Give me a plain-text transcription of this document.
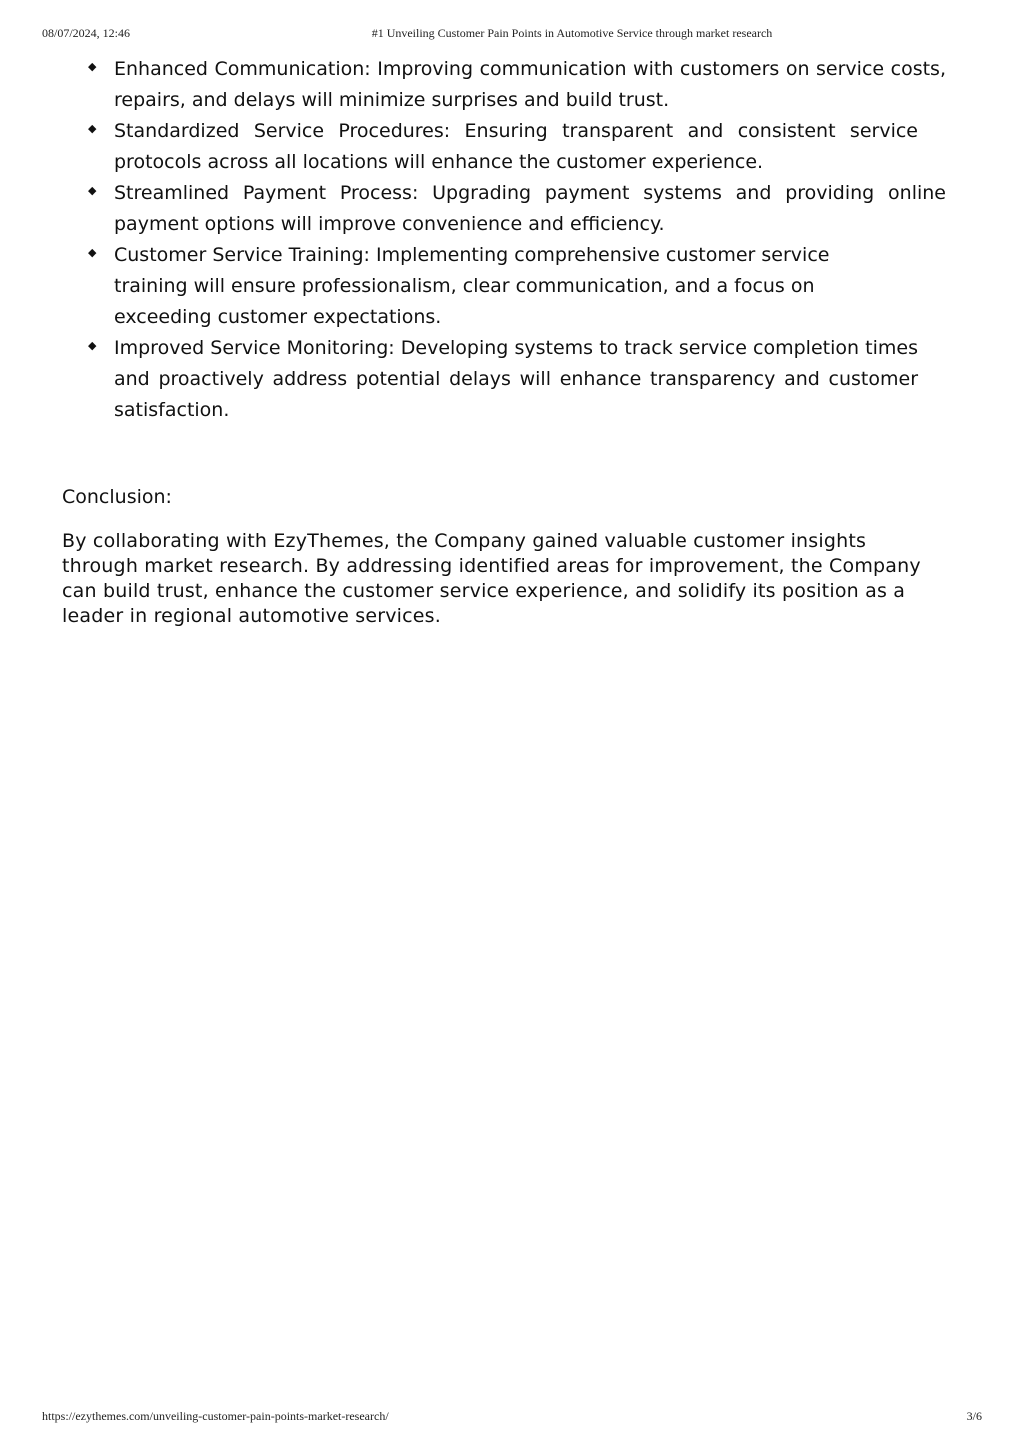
08/07/2024, 12:46	#1 Unveiling Customer Pain Points in Automotive Service through market research
◆ Enhanced Communication: Improving communication with customers on service costs, repairs, and delays will minimize surprises and build trust.
◆ Standardized Service Procedures: Ensuring transparent and consistent service protocols across all locations will enhance the customer experience.
◆ Streamlined Payment Process: Upgrading payment systems and providing online payment options will improve convenience and efficiency.
◆ Customer Service Training: Implementing comprehensive customer service training will ensure professionalism, clear communication, and a focus on exceeding customer expectations.
◆ Improved Service Monitoring: Developing systems to track service completion times and proactively address potential delays will enhance transparency and customer satisfaction.

Conclusion:

By collaborating with EzyThemes, the Company gained valuable customer insights through market research. By addressing identified areas for improvement, the Company can build trust, enhance the customer service experience, and solidify its position as a leader in regional automotive services.

https://ezythemes.com/unveiling-customer-pain-points-market-research/	3/6
